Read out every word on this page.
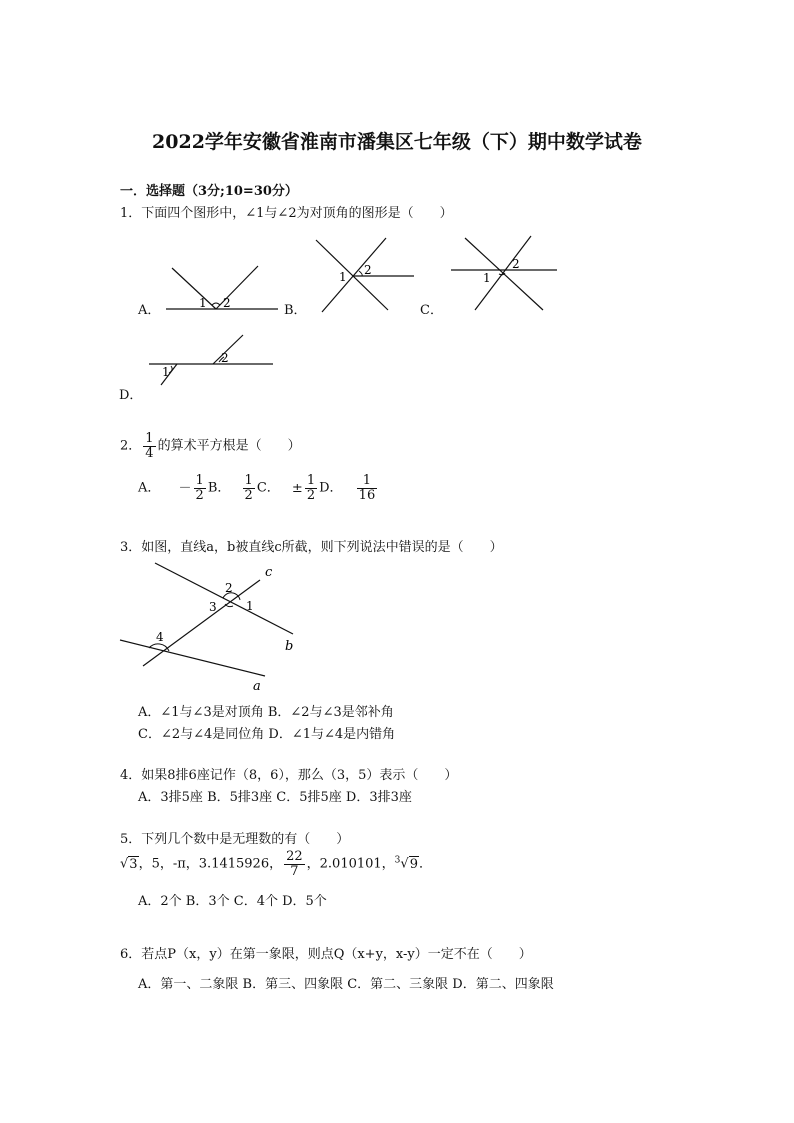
2022学年安徽省淮南市潘集区七年级（下）期中数学试卷
一．选择题（3分;10=30分）
1．下面四个图形中，∠1与∠2为对顶角的图形是（　　）
A．	B．	C．
D．
1 2
1 2
1
2
1
2
2． $\frac{1}{4}$ 的算术平方根是（　　）
A． － $\frac{1}{2}$ B． $\frac{1}{2}$ C． ± $\frac{1}{2}$ D． $\frac{1}{16}$
3．如图，直线a，b被直线c所截，则下列说法中错误的是（　　）
c
b
a
2
3 1
4
A．∠1与∠3是对顶角 B．∠2与∠3是邻补角
C．∠2与∠4是同位角 D．∠1与∠4是内错角
4．如果8排6座记作（8，6），那么（3，5）表示（　　）
A．3排5座 B．5排3座 C．5排5座 D．3排3座
5．下列几个数中是无理数的有（　　）
√3，5，-π，3.1415926， $\frac{22}{7}$ ，2.010101，$^3$√9．
A．2个 B．3个 C．4个 D．5个
6．若点P（x，y）在第一象限，则点Q（x+y，x-y）一定不在（　　）
A．第一、二象限 B．第三、四象限 C．第二、三象限 D．第二、四象限
